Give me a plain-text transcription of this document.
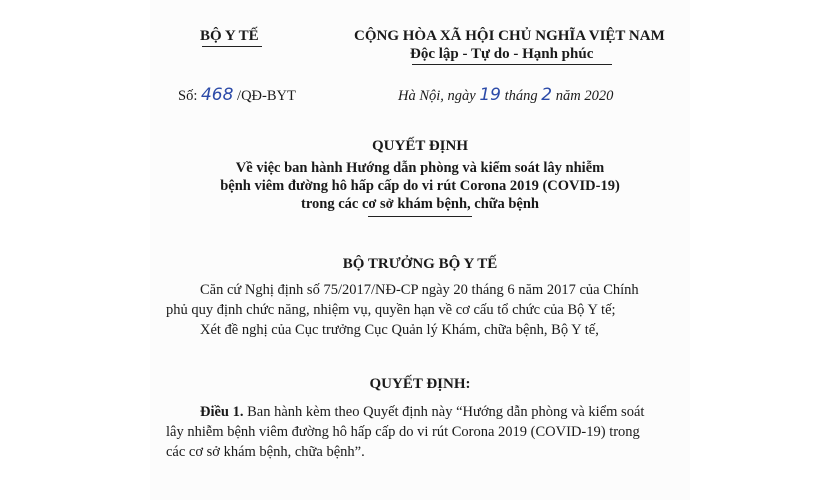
BỘ Y TẾ	CỘNG HÒA XÃ HỘI CHỦ NGHĨA VIỆT NAM
Độc lập - Tự do - Hạnh phúc
Số: 468 /QĐ-BYT	Hà Nội, ngày 19 tháng 2 năm 2020
QUYẾT ĐỊNH
Về việc ban hành Hướng dẫn phòng và kiểm soát lây nhiễm
bệnh viêm đường hô hấp cấp do vi rút Corona 2019 (COVID-19)
trong các cơ sở khám bệnh, chữa bệnh
BỘ TRƯỞNG BỘ Y TẾ
Căn cứ Nghị định số 75/2017/NĐ-CP ngày 20 tháng 6 năm 2017 của Chính
phủ quy định chức năng, nhiệm vụ, quyền hạn về cơ cấu tổ chức của Bộ Y tế;
Xét đề nghị của Cục trưởng Cục Quản lý Khám, chữa bệnh, Bộ Y tế,
QUYẾT ĐỊNH:
Điều 1. Ban hành kèm theo Quyết định này “Hướng dẫn phòng và kiểm soát
lây nhiễm bệnh viêm đường hô hấp cấp do vi rút Corona 2019 (COVID-19) trong
các cơ sở khám bệnh, chữa bệnh”.
